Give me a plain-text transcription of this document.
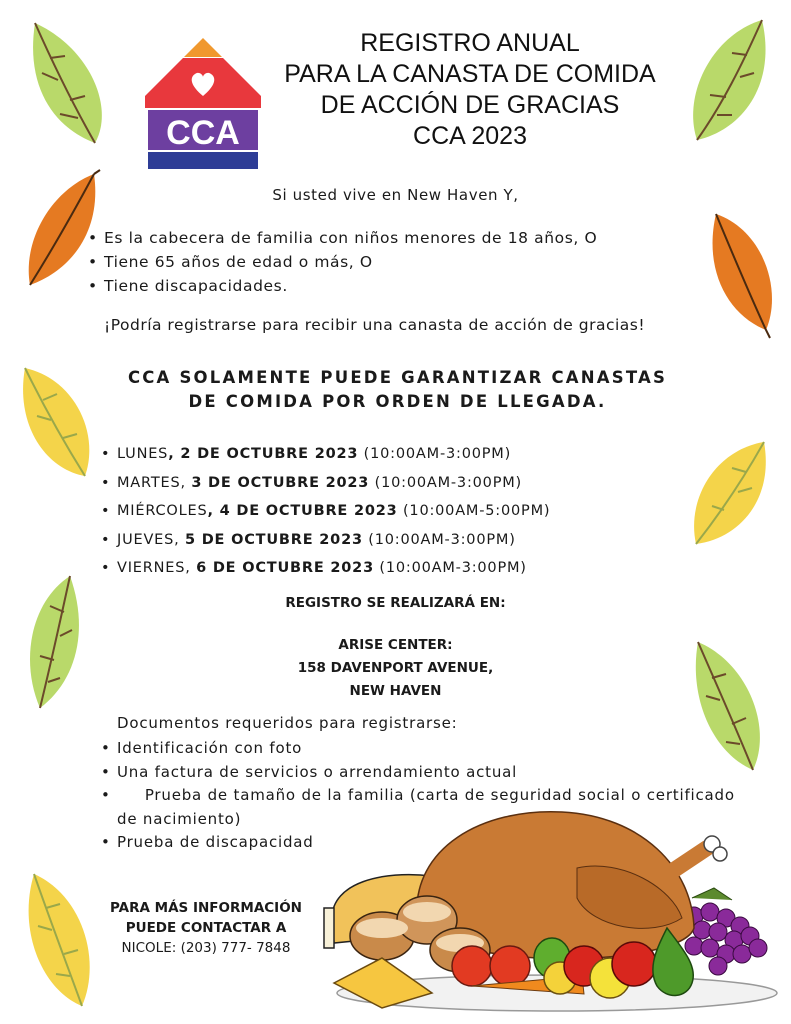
CCA
REGISTRO ANUAL
PARA LA CANASTA DE COMIDA
DE ACCIÓN DE GRACIAS
CCA 2023
Si usted vive en New Haven Y,
• Es la cabecera de familia con niños menores de 18 años, O
• Tiene 65 años de edad o más, O
• Tiene discapacidades.
¡Podría registrarse para recibir una canasta de acción de gracias!
CCA SOLAMENTE PUEDE GARANTIZAR CANASTAS
DE COMIDA POR ORDEN DE LLEGADA.
• LUNES, 2 DE OCTUBRE 2023 (10:00AM-3:00PM)
• MARTES, 3 DE OCTUBRE 2023 (10:00AM-3:00PM)
• MIÉRCOLES, 4 DE OCTUBRE 2023 (10:00AM-5:00PM)
• JUEVES, 5 DE OCTUBRE 2023 (10:00AM-3:00PM)
• VIERNES, 6 DE OCTUBRE 2023 (10:00AM-3:00PM)
REGISTRO SE REALIZARÁ EN:
ARISE CENTER:
158 DAVENPORT AVENUE,
NEW HAVEN
Documentos requeridos para registrarse:
• Identificación con foto
• Una factura de servicios o arrendamiento actual
•      Prueba de tamaño de la familia (carta de seguridad social o certificado de nacimiento)
• Prueba de discapacidad
PARA MÁS INFORMACIÓN
PUEDE CONTACTAR A
NICOLE: (203) 777- 7848
